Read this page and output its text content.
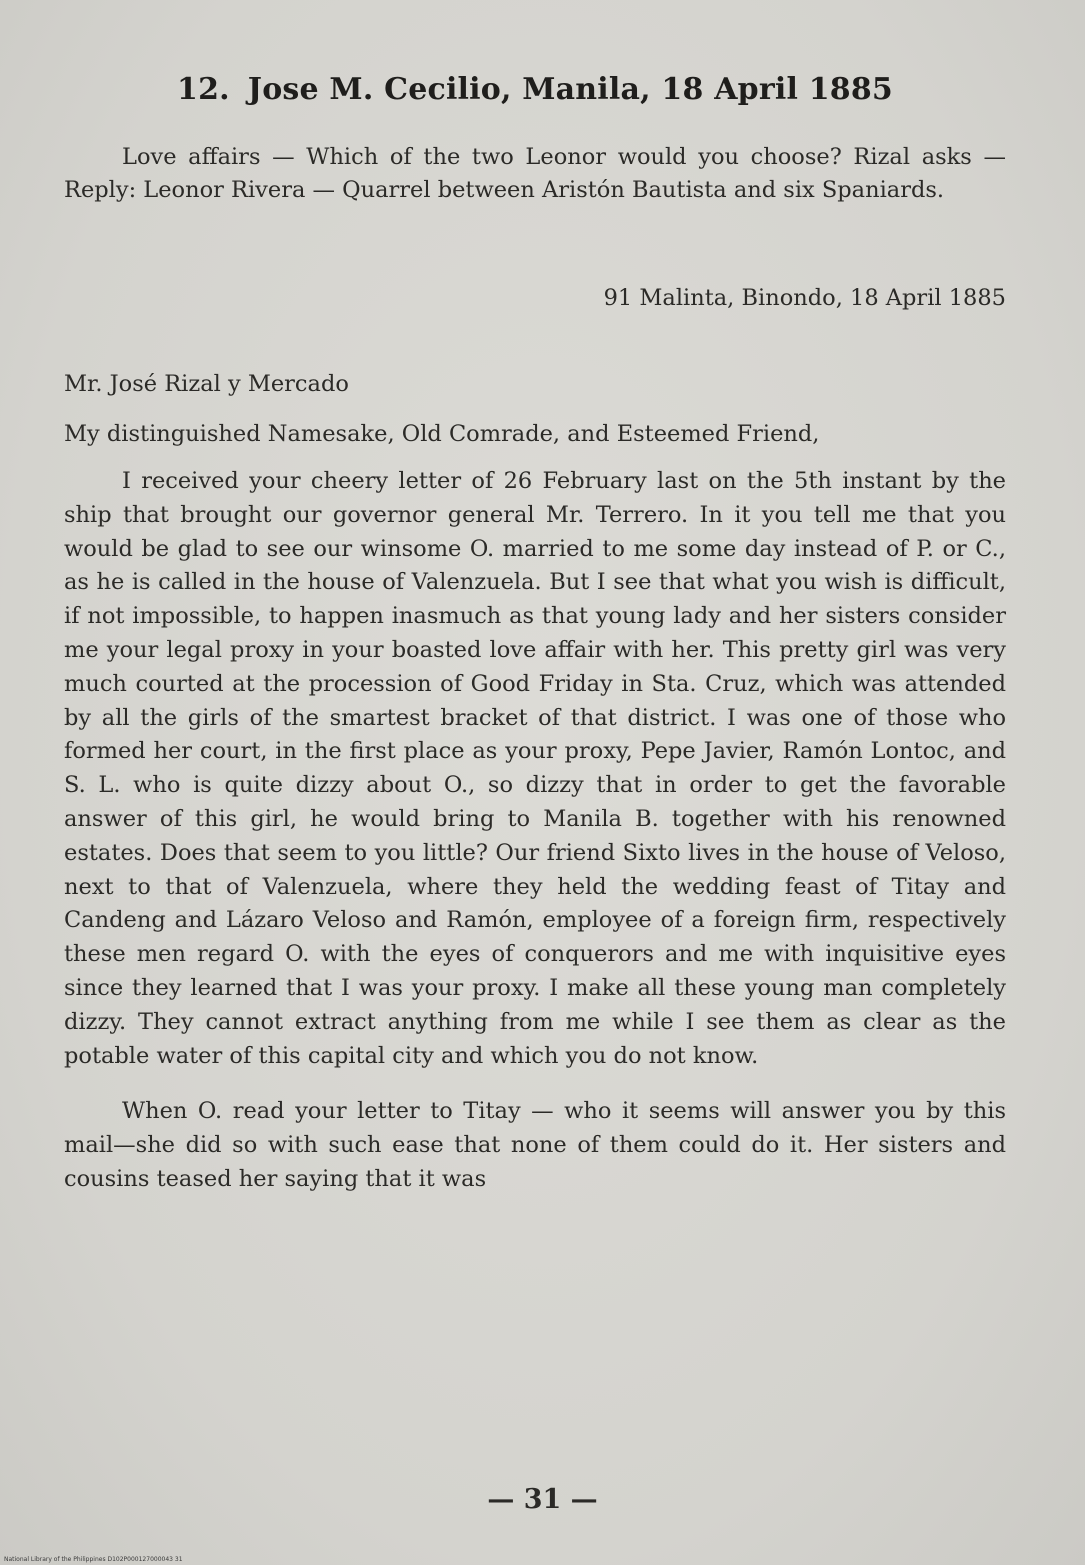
12. Jose M. Cecilio, Manila, 18 April 1885

Love affairs — Which of the two Leonor would you choose? Rizal asks — Reply: Leonor Rivera — Quarrel between Aristón Bautista and six Spaniards.

91 Malinta, Binondo, 18 April 1885

Mr. José Rizal y Mercado

My distinguished Namesake, Old Comrade, and Esteemed Friend,

I received your cheery letter of 26 February last on the 5th instant by the ship that brought our governor general Mr. Terrero. In it you tell me that you would be glad to see our winsome O. married to me some day instead of P. or C., as he is called in the house of Valenzuela. But I see that what you wish is difficult, if not impossible, to happen inasmuch as that young lady and her sisters consider me your legal proxy in your boasted love affair with her. This pretty girl was very much courted at the procession of Good Friday in Sta. Cruz, which was attended by all the girls of the smartest bracket of that district. I was one of those who formed her court, in the first place as your proxy, Pepe Javier, Ramón Lontoc, and S. L. who is quite dizzy about O., so dizzy that in order to get the favorable answer of this girl, he would bring to Manila B. together with his renowned estates. Does that seem to you little? Our friend Sixto lives in the house of Veloso, next to that of Valenzuela, where they held the wedding feast of Titay and Candeng and Lázaro Veloso and Ramón, employee of a foreign firm, respectively these men regard O. with the eyes of conquerors and me with inquisitive eyes since they learned that I was your proxy. I make all these young man completely dizzy. They cannot extract anything from me while I see them as clear as the potable water of this capital city and which you do not know.

When O. read your letter to Titay — who it seems will answer you by this mail—she did so with such ease that none of them could do it. Her sisters and cousins teased her saying that it was

— 31 —
National Library of the Philippines D102P000127000043 31
